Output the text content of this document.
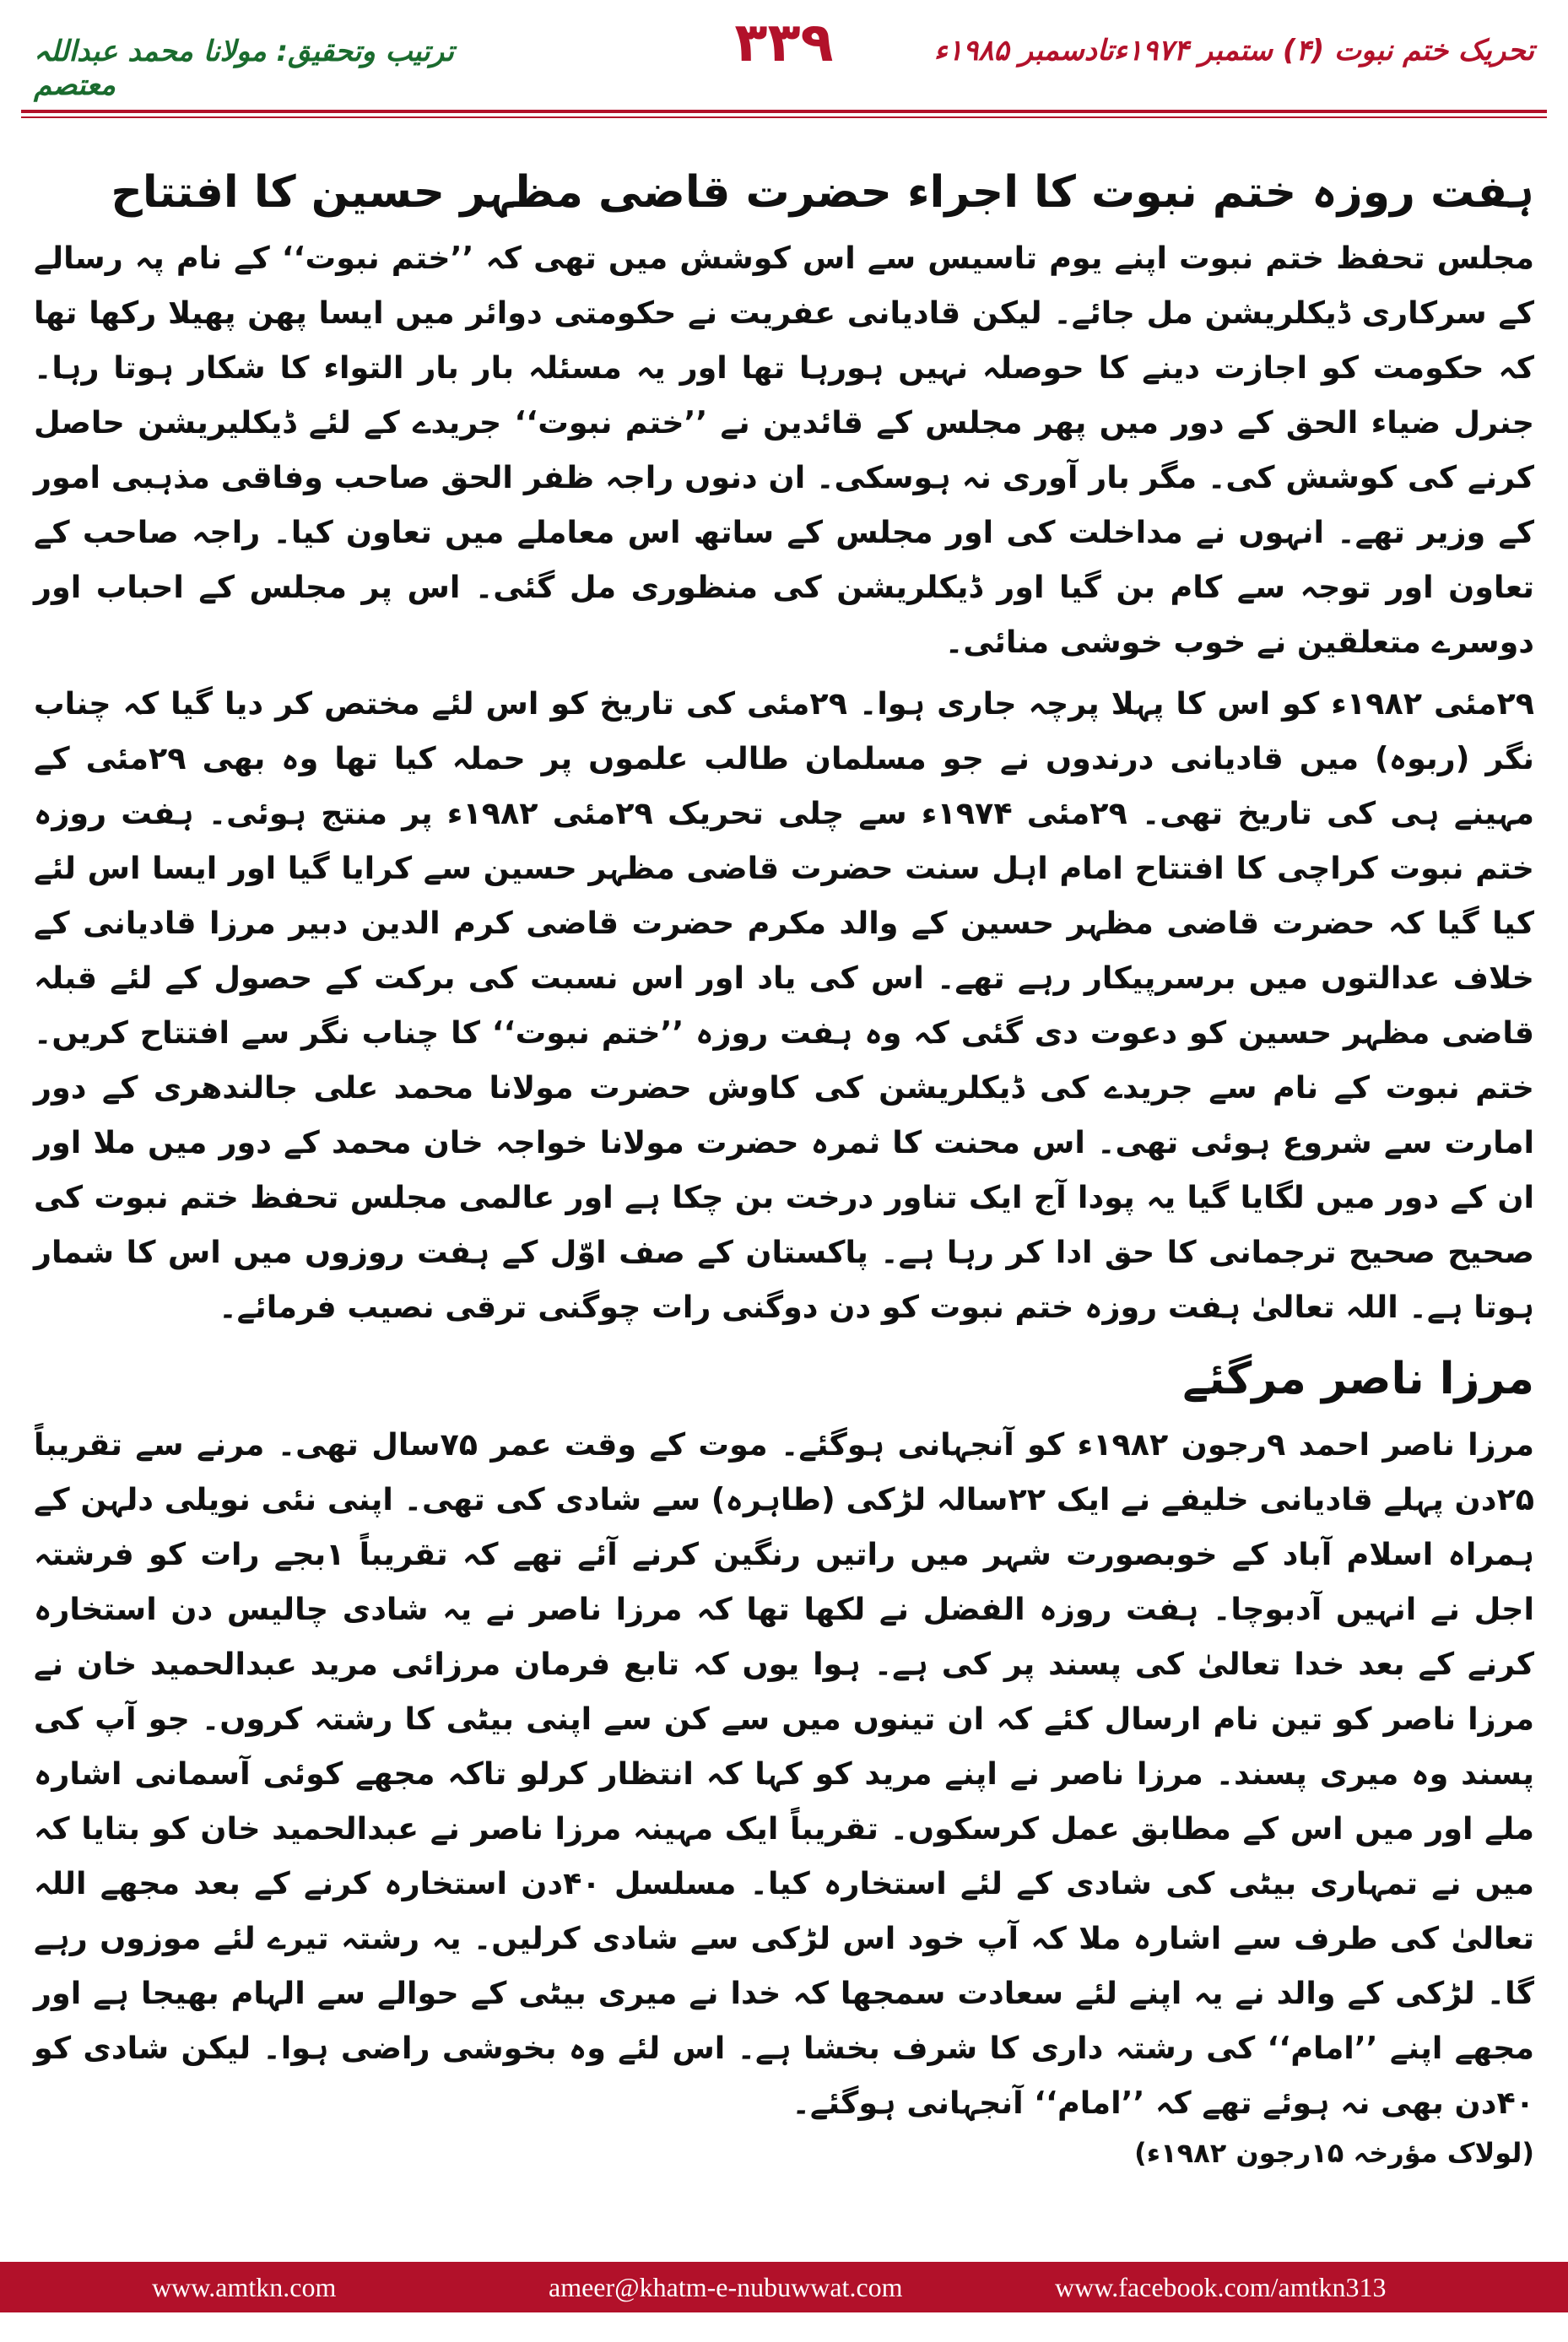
ترتیب وتحقیق: مولانا محمد عبداللہ معتصم
۳۳۹	تحریک ختم نبوت (۴) ستمبر ۱۹۷۴ءتادسمبر ۱۹۸۵ء
ہفت روزہ ختم نبوت کا اجراء حضرت قاضی مظہر حسین کا افتتاح

مجلس تحفظ ختم نبوت اپنے یوم تاسیس سے اس کوشش میں تھی کہ ’’ختم نبوت‘‘ کے نام پہ رسالے کے سرکاری ڈیکلریشن مل جائے۔ لیکن قادیانی عفریت نے حکومتی دوائر میں ایسا پھن پھیلا رکھا تھا کہ حکومت کو اجازت دینے کا حوصلہ نہیں ہورہا تھا اور یہ مسئلہ بار بار التواء کا شکار ہوتا رہا۔ جنرل ضیاء الحق کے دور میں پھر مجلس کے قائدین نے ’’ختم نبوت‘‘ جریدے کے لئے ڈیکلیریشن حاصل کرنے کی کوشش کی۔ مگر بار آوری نہ ہوسکی۔ ان دنوں راجہ ظفر الحق صاحب وفاقی مذہبی امور کے وزیر تھے۔ انہوں نے مداخلت کی اور مجلس کے ساتھ اس معاملے میں تعاون کیا۔ راجہ صاحب کے تعاون اور توجہ سے کام بن گیا اور ڈیکلریشن کی منظوری مل گئی۔ اس پر مجلس کے احباب اور دوسرے متعلقین نے خوب خوشی منائی۔

۲۹مئی ۱۹۸۲ء کو اس کا پہلا پرچہ جاری ہوا۔ ۲۹مئی کی تاریخ کو اس لئے مختص کر دیا گیا کہ چناب نگر (ربوہ) میں قادیانی درندوں نے جو مسلمان طالب علموں پر حملہ کیا تھا وہ بھی ۲۹مئی کے مہینے ہی کی تاریخ تھی۔ ۲۹مئی ۱۹۷۴ء سے چلی تحریک ۲۹مئی ۱۹۸۲ء پر منتج ہوئی۔ ہفت روزہ ختم نبوت کراچی کا افتتاح امام اہل سنت حضرت قاضی مظہر حسین سے کرایا گیا اور ایسا اس لئے کیا گیا کہ حضرت قاضی مظہر حسین کے والد مکرم حضرت قاضی کرم الدین دبیر مرزا قادیانی کے خلاف عدالتوں میں برسرپیکار رہے تھے۔ اس کی یاد اور اس نسبت کی برکت کے حصول کے لئے قبلہ قاضی مظہر حسین کو دعوت دی گئی کہ وہ ہفت روزہ ’’ختم نبوت‘‘ کا چناب نگر سے افتتاح کریں۔ ختم نبوت کے نام سے جریدے کی ڈیکلریشن کی کاوش حضرت مولانا محمد علی جالندھری کے دور امارت سے شروع ہوئی تھی۔ اس محنت کا ثمرہ حضرت مولانا خواجہ خان محمد کے دور میں ملا اور ان کے دور میں لگایا گیا یہ پودا آج ایک تناور درخت بن چکا ہے اور عالمی مجلس تحفظ ختم نبوت کی صحیح صحیح ترجمانی کا حق ادا کر رہا ہے۔ پاکستان کے صف اوّل کے ہفت روزوں میں اس کا شمار ہوتا ہے۔ اللہ تعالیٰ ہفت روزہ ختم نبوت کو دن دوگنی رات چوگنی ترقی نصیب فرمائے۔

مرزا ناصر مرگئے

مرزا ناصر احمد ۹رجون ۱۹۸۲ء کو آنجہانی ہوگئے۔ موت کے وقت عمر ۷۵سال تھی۔ مرنے سے تقریباً ۲۵دن پہلے قادیانی خلیفے نے ایک ۲۲سالہ لڑکی (طاہرہ) سے شادی کی تھی۔ اپنی نئی نویلی دلہن کے ہمراہ اسلام آباد کے خوبصورت شہر میں راتیں رنگین کرنے آئے تھے کہ تقریباً ۱بجے رات کو فرشتہ اجل نے انہیں آدبوچا۔ ہفت روزہ الفضل نے لکھا تھا کہ مرزا ناصر نے یہ شادی چالیس دن استخارہ کرنے کے بعد خدا تعالیٰ کی پسند پر کی ہے۔ ہوا یوں کہ تابع فرمان مرزائی مرید عبدالحمید خان نے مرزا ناصر کو تین نام ارسال کئے کہ ان تینوں میں سے کن سے اپنی بیٹی کا رشتہ کروں۔ جو آپ کی پسند وہ میری پسند۔ مرزا ناصر نے اپنے مرید کو کہا کہ انتظار کرلو تاکہ مجھے کوئی آسمانی اشارہ ملے اور میں اس کے مطابق عمل کرسکوں۔ تقریباً ایک مہینہ مرزا ناصر نے عبدالحمید خان کو بتایا کہ میں نے تمہاری بیٹی کی شادی کے لئے استخارہ کیا۔ مسلسل ۴۰دن استخارہ کرنے کے بعد مجھے اللہ تعالیٰ کی طرف سے اشارہ ملا کہ آپ خود اس لڑکی سے شادی کرلیں۔ یہ رشتہ تیرے لئے موزوں رہے گا۔ لڑکی کے والد نے یہ اپنے لئے سعادت سمجھا کہ خدا نے میری بیٹی کے حوالے سے الہام بھیجا ہے اور مجھے اپنے ’’امام‘‘ کی رشتہ داری کا شرف بخشا ہے۔ اس لئے وہ بخوشی راضی ہوا۔ لیکن شادی کو ۴۰دن بھی نہ ہوئے تھے کہ ’’امام‘‘ آنجہانی ہوگئے۔

(لولاک مؤرخہ ۱۵رجون ۱۹۸۲ء)
www.amtkn.com	ameer@khatm-e-nubuwwat.com	www.facebook.com/amtkn313
